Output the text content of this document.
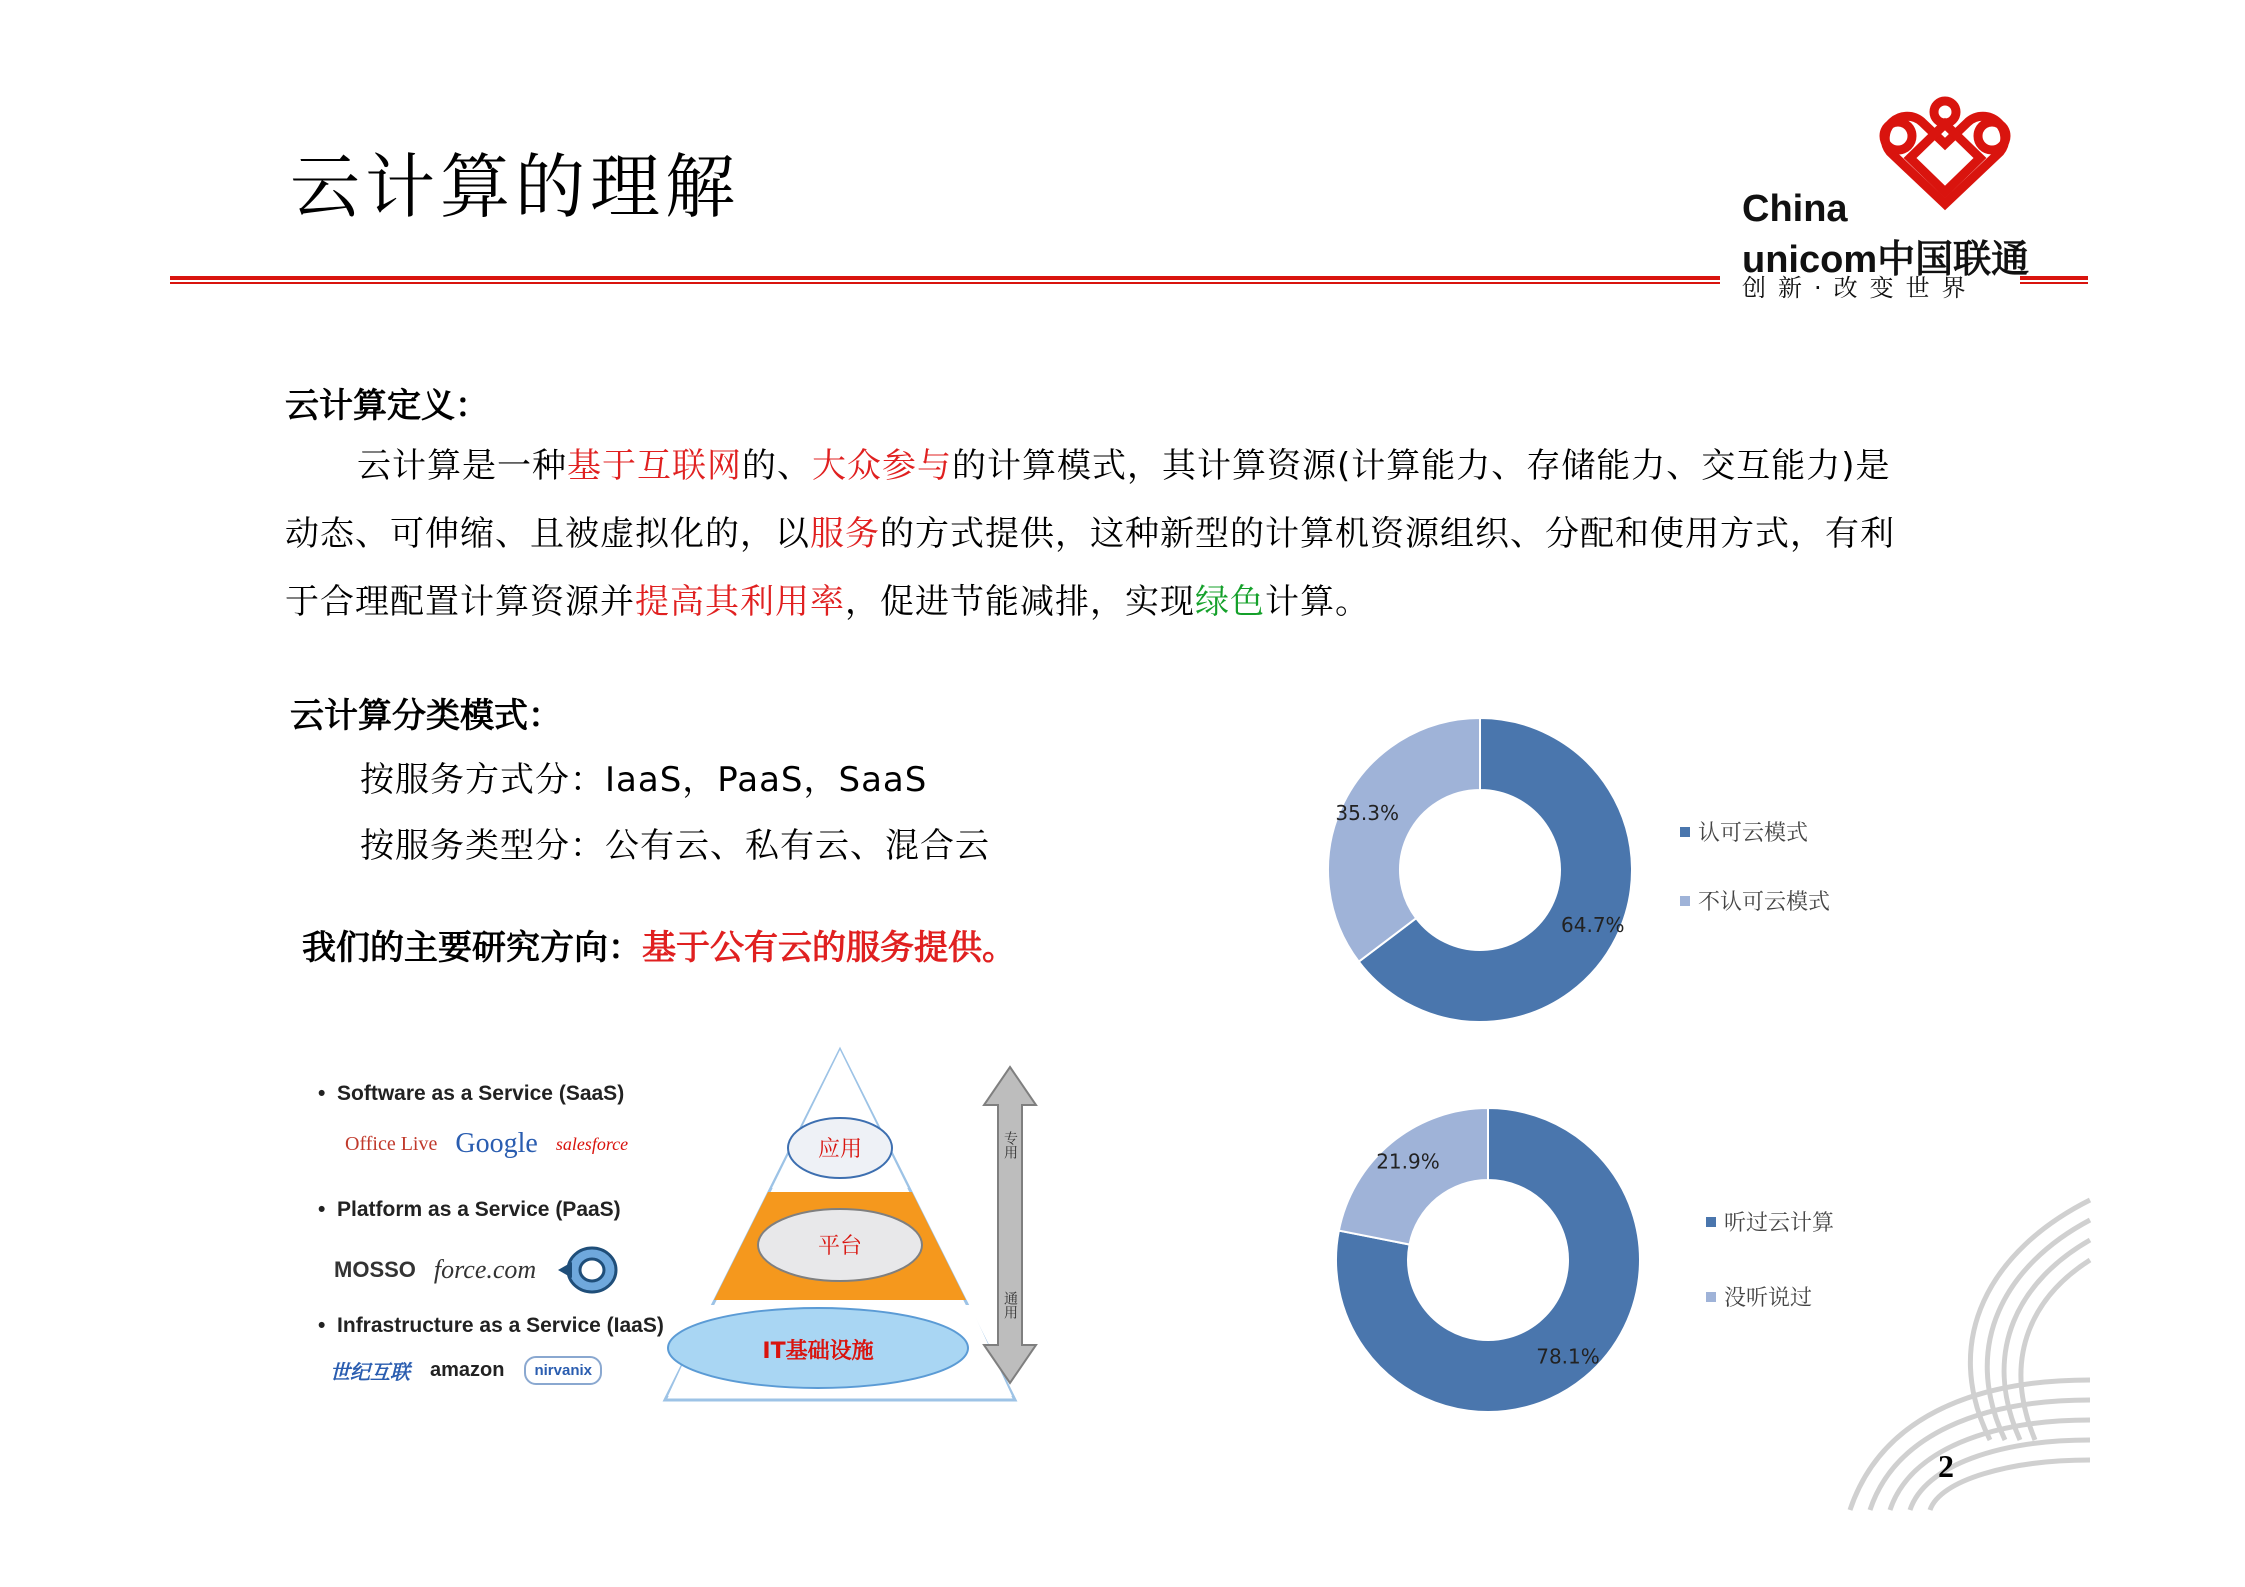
云计算的理解	China
unicom中国联通
创新·改变世界
云计算定义：
云计算是一种基于互联网的、大众参与的计算模式，其计算资源(计算能力、存储能力、交互能力)是
动态、可伸缩、且被虚拟化的，以服务的方式提供，这种新型的计算机资源组织、分配和使用方式，有利
于合理配置计算资源并提高其利用率，促进节能减排，实现绿色计算。
云计算分类模式：
按服务方式分：IaaS，PaaS，SaaS
按服务类型分：公有云、私有云、混合云
我们的主要研究方向：基于公有云的服务提供。
•  Software as a Service (SaaS)
Office Live Google salesforce
•  Platform as a Service (PaaS)
MOSSO force.com
•  Infrastructure as a Service (IaaS)
世纪互联 amazon	nirvanix
应用
平台
IT基础设施
专用
通用
64.7%
35.3%
认可云模式
不认可云模式
78.1%
21.9%
听过云计算
没听说过
2
